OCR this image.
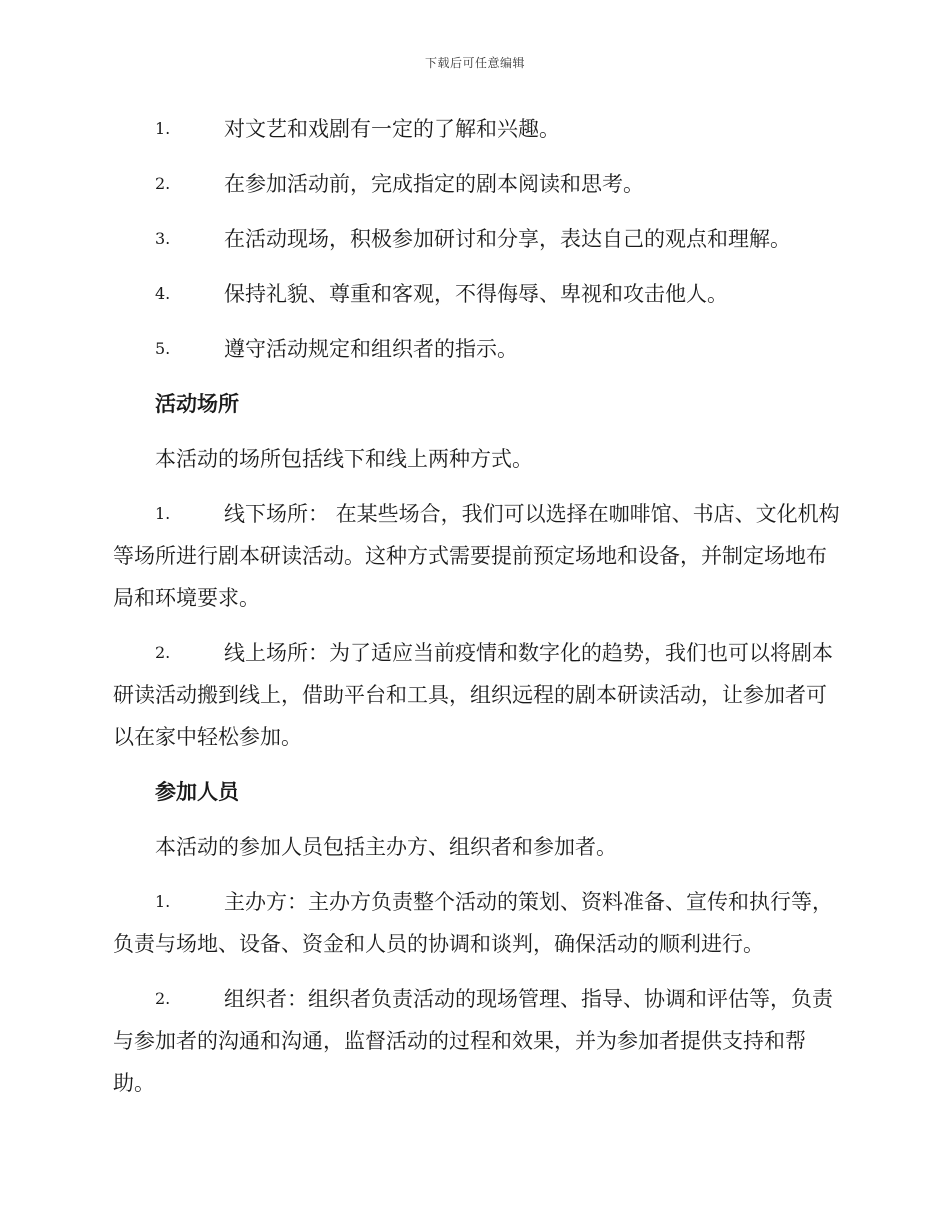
下载后可任意编辑
1.	对文艺和戏剧有一定的了解和兴趣。
2.	在参加活动前，完成指定的剧本阅读和思考。
3.	在活动现场，积极参加研讨和分享，表达自己的观点和理解。
4.	保持礼貌、尊重和客观，不得侮辱、卑视和攻击他人。
5.	遵守活动规定和组织者的指示。
活动场所
本活动的场所包括线下和线上两种方式。
1.	线下场所： 在某些场合，我们可以选择在咖啡馆、书店、文化机构等场所进行剧本研读活动。这种方式需要提前预定场地和设备，并制定场地布局和环境要求。
2.	线上场所：为了适应当前疫情和数字化的趋势，我们也可以将剧本研读活动搬到线上，借助平台和工具，组织远程的剧本研读活动，让参加者可以在家中轻松参加。
参加人员
本活动的参加人员包括主办方、组织者和参加者。
1.	主办方：主办方负责整个活动的策划、资料准备、宣传和执行等，负责与场地、设备、资金和人员的协调和谈判，确保活动的顺利进行。
2.	组织者：组织者负责活动的现场管理、指导、协调和评估等，负责与参加者的沟通和沟通，监督活动的过程和效果，并为参加者提供支持和帮助。
